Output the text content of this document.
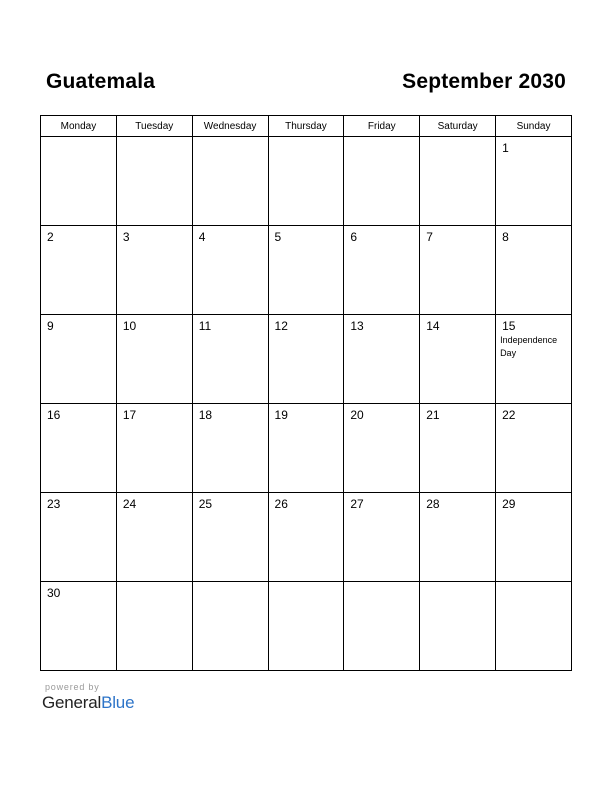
Guatemala	September 2030
Monday	Tuesday	Wednesday	Thursday	Friday	Saturday	Sunday

						1

2	3	4	5	6	7	8

9	10	11	12	13	14	15
Independence Day

16	17	18	19	20	21	22

23	24	25	26	27	28	29

30						

powered by
GeneralBlue
